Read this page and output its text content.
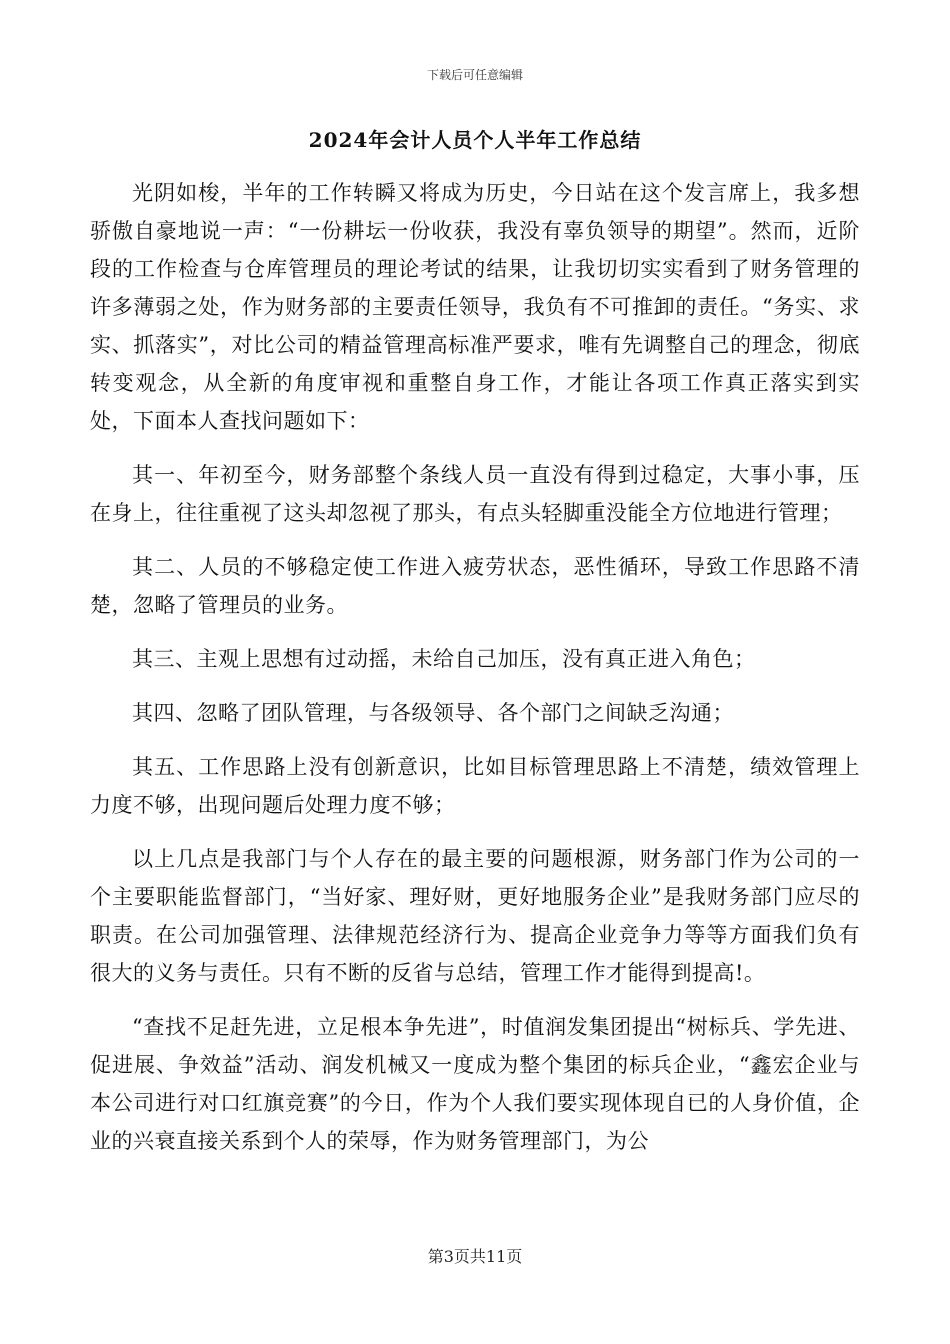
下载后可任意编辑
2024年会计人员个人半年工作总结

光阴如梭，半年的工作转瞬又将成为历史，今日站在这个发言席上，我多想骄傲自豪地说一声：“一份耕坛一份收获，我没有辜负领导的期望”。然而，近阶段的工作检查与仓库管理员的理论考试的结果，让我切切实实看到了财务管理的许多薄弱之处，作为财务部的主要责任领导，我负有不可推卸的责任。“务实、求实、抓落实”，对比公司的精益管理高标准严要求，唯有先调整自己的理念，彻底转变观念，从全新的角度审视和重整自身工作，才能让各项工作真正落实到实处，下面本人查找问题如下：

其一、年初至今，财务部整个条线人员一直没有得到过稳定，大事小事，压在身上，往往重视了这头却忽视了那头，有点头轻脚重没能全方位地进行管理；

其二、人员的不够稳定使工作进入疲劳状态，恶性循环，导致工作思路不清楚，忽略了管理员的业务。

其三、主观上思想有过动摇，未给自己加压，没有真正进入角色；

其四、忽略了团队管理，与各级领导、各个部门之间缺乏沟通；

其五、工作思路上没有创新意识，比如目标管理思路上不清楚，绩效管理上力度不够，出现问题后处理力度不够；

以上几点是我部门与个人存在的最主要的问题根源，财务部门作为公司的一个主要职能监督部门，“当好家、理好财，更好地服务企业”是我财务部门应尽的职责。在公司加强管理、法律规范经济行为、提高企业竞争力等等方面我们负有很大的义务与责任。只有不断的反省与总结，管理工作才能得到提高!。

“查找不足赶先进，立足根本争先进”，时值润发集团提出“树标兵、学先进、促进展、争效益”活动、润发机械又一度成为整个集团的标兵企业，“鑫宏企业与本公司进行对口红旗竞赛”的今日，作为个人我们要实现体现自已的人身价值，企业的兴衰直接关系到个人的荣辱，作为财务管理部门，为公

第3页共11页
